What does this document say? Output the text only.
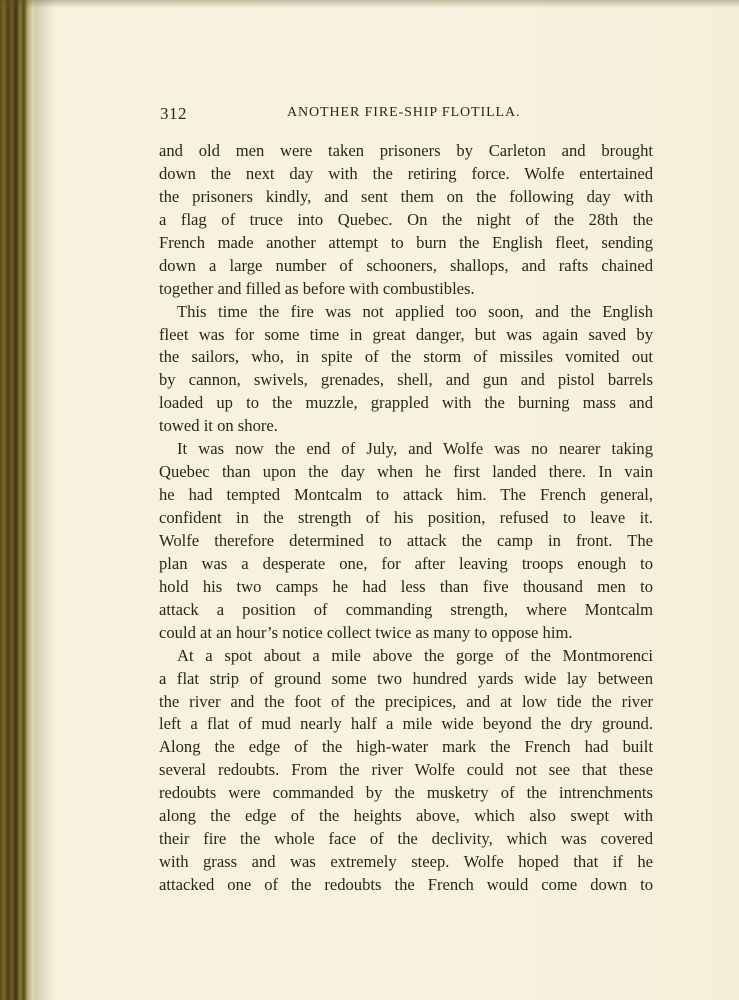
312	ANOTHER FIRE-SHIP FLOTILLA.
and old men were taken prisoners by Carleton and brought
down the next day with the retiring force. Wolfe entertained
the prisoners kindly, and sent them on the following day with
a flag of truce into Quebec. On the night of the 28th the
French made another attempt to burn the English fleet, sending
down a large number of schooners, shallops, and rafts chained
together and filled as before with combustibles.
This time the fire was not applied too soon, and the English
fleet was for some time in great danger, but was again saved by
the sailors, who, in spite of the storm of missiles vomited out
by cannon, swivels, grenades, shell, and gun and pistol barrels
loaded up to the muzzle, grappled with the burning mass and
towed it on shore.
It was now the end of July, and Wolfe was no nearer taking
Quebec than upon the day when he first landed there. In vain
he had tempted Montcalm to attack him. The French general,
confident in the strength of his position, refused to leave it.
Wolfe therefore determined to attack the camp in front. The
plan was a desperate one, for after leaving troops enough to
hold his two camps he had less than five thousand men to
attack a position of commanding strength, where Montcalm
could at an hour’s notice collect twice as many to oppose him.
At a spot about a mile above the gorge of the Montmorenci
a flat strip of ground some two hundred yards wide lay between
the river and the foot of the precipices, and at low tide the river
left a flat of mud nearly half a mile wide beyond the dry ground.
Along the edge of the high-water mark the French had built
several redoubts. From the river Wolfe could not see that these
redoubts were commanded by the musketry of the intrenchments
along the edge of the heights above, which also swept with
their fire the whole face of the declivity, which was covered
with grass and was extremely steep. Wolfe hoped that if he
attacked one of the redoubts the French would come down to
